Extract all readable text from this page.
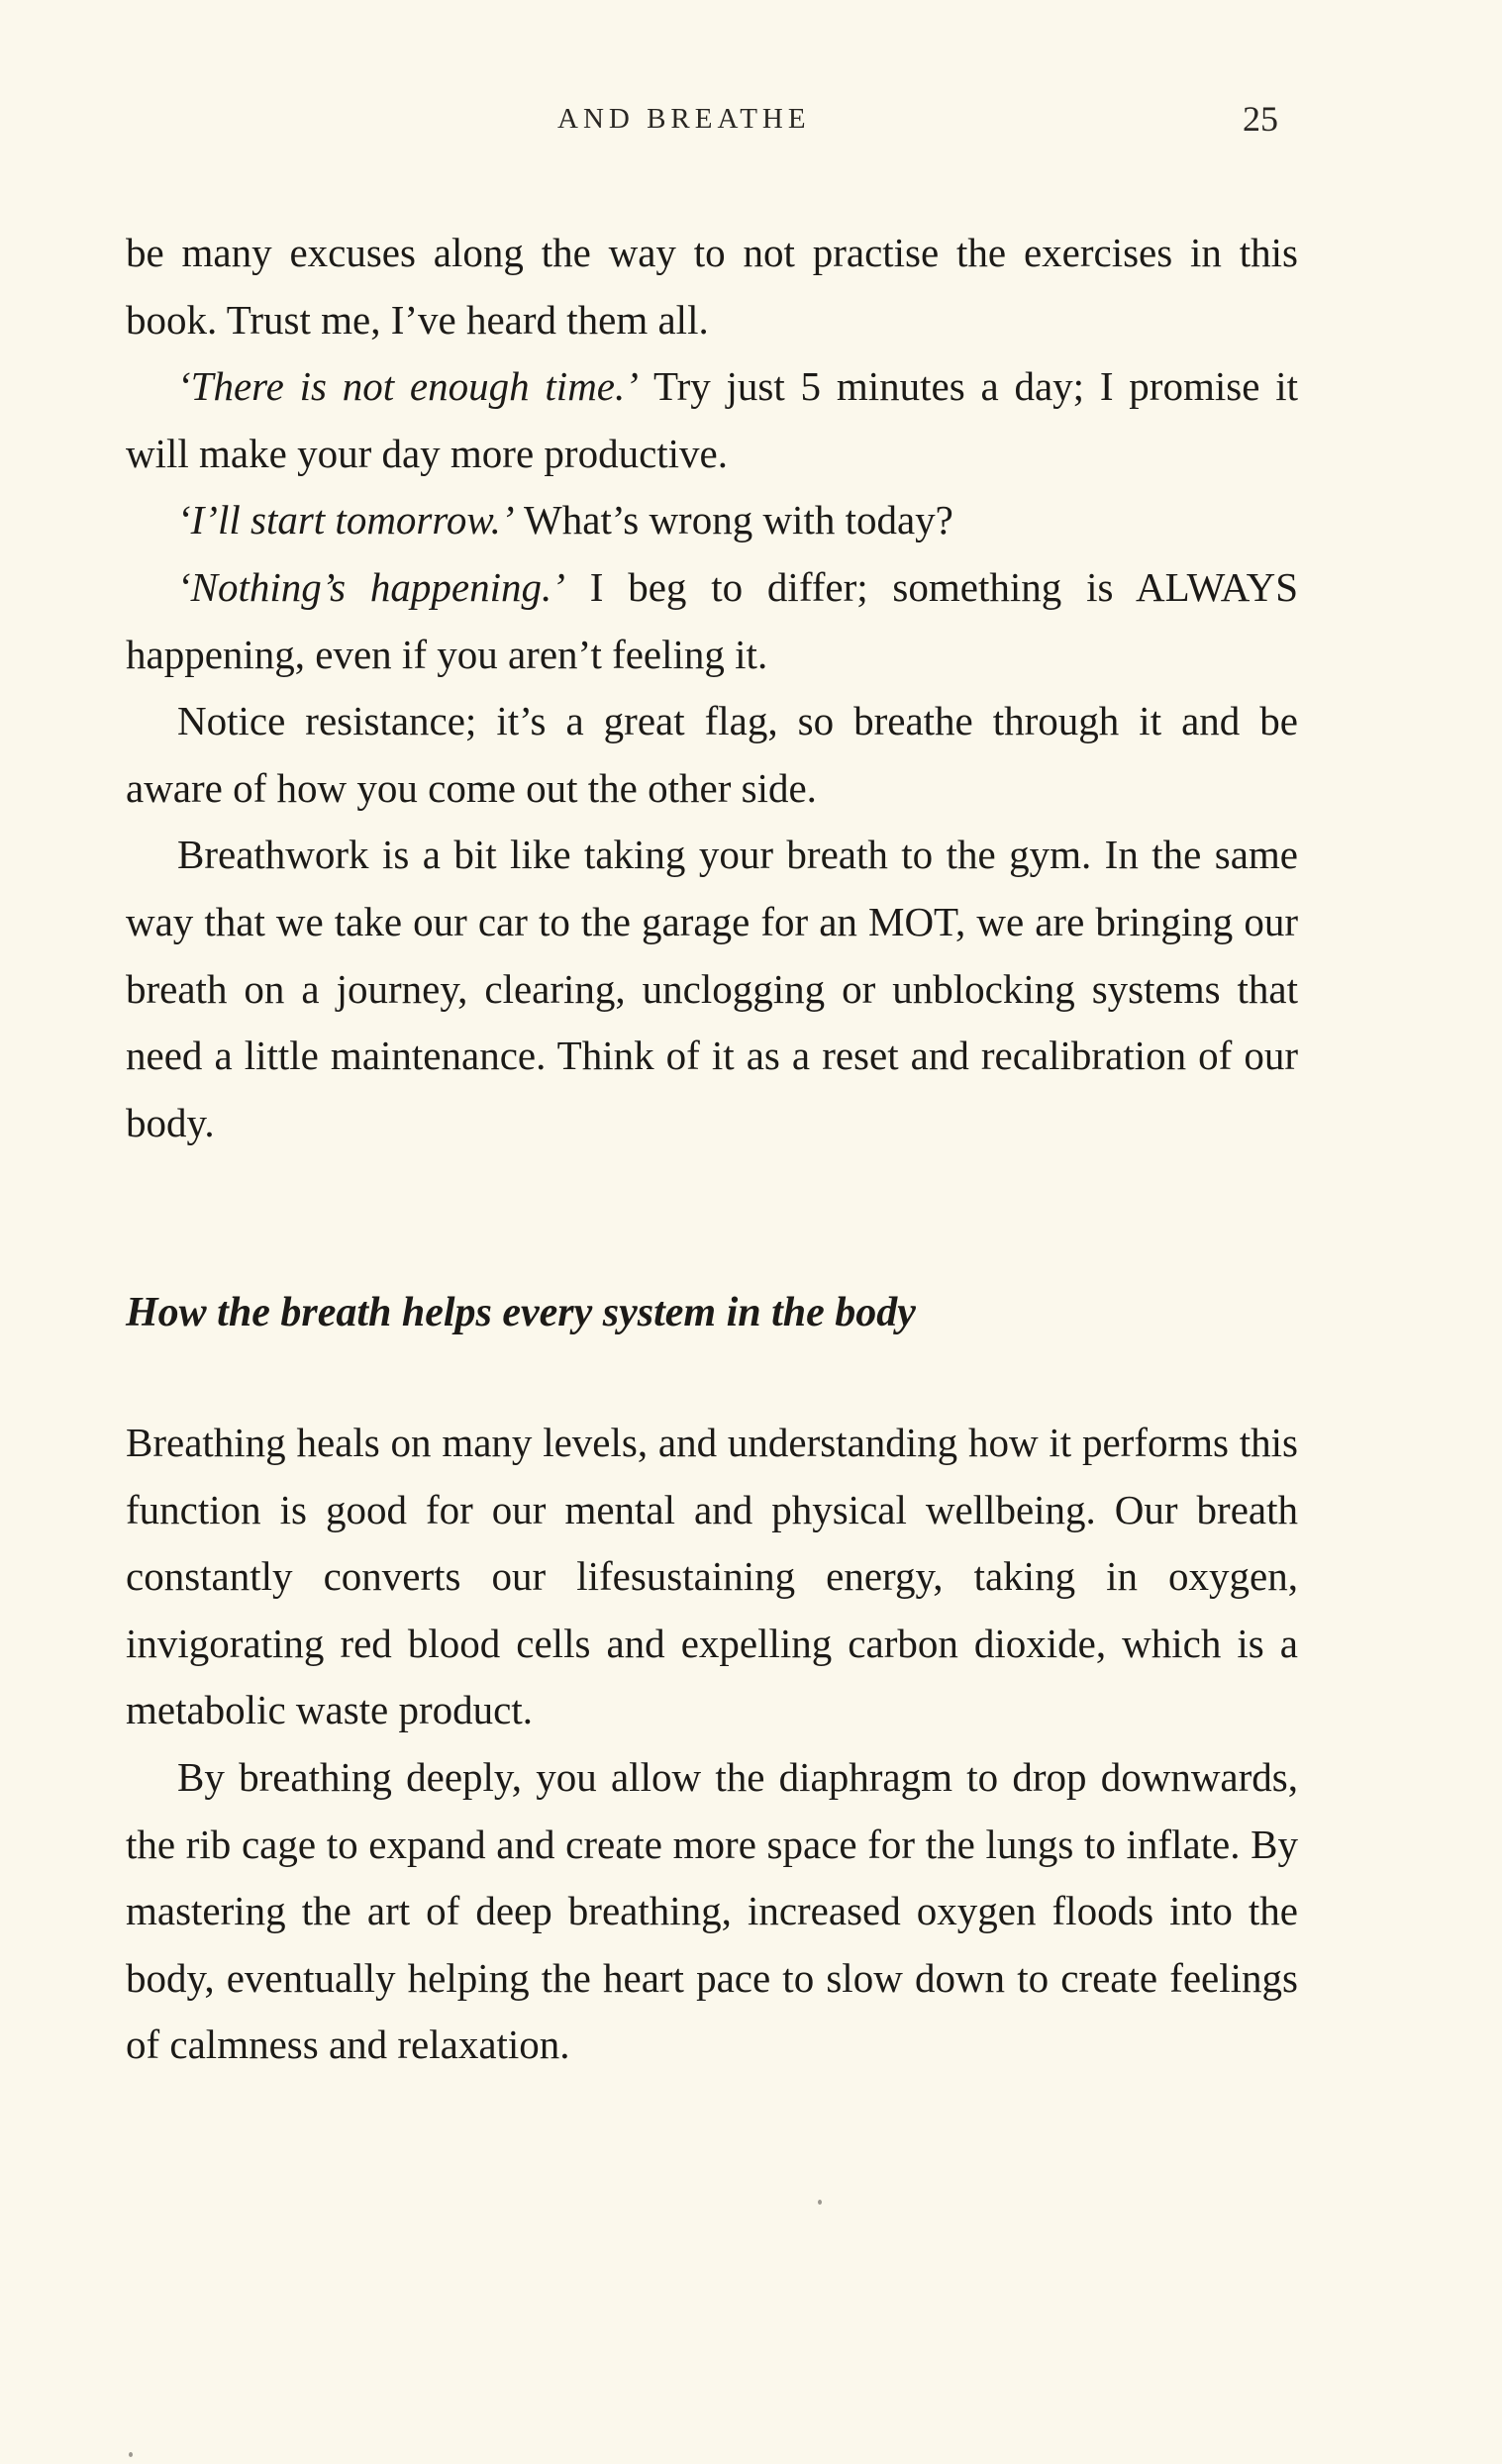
AND BREATHE	25

be many excuses along the way to not practise the exercises in this book. Trust me, I’ve heard them all.

‘There is not enough time.’ Try just 5 minutes a day; I promise it will make your day more productive.

‘I’ll start tomorrow.’ What’s wrong with today?

‘Nothing’s happening.’ I beg to differ; something is ALWAYS happening, even if you aren’t feeling it.

Notice resistance; it’s a great flag, so breathe through it and be aware of how you come out the other side.

Breathwork is a bit like taking your breath to the gym. In the same way that we take our car to the garage for an MOT, we are bringing our breath on a journey, clearing, unclogging or unblocking systems that need a little maintenance. Think of it as a reset and recalibration of our body.

How the breath helps every system in the body

Breathing heals on many levels, and understanding how it performs this function is good for our mental and physical wellbeing. Our breath constantly converts our lifesustaining energy, taking in oxygen, invigorating red blood cells and expelling carbon dioxide, which is a metabolic waste product.

By breathing deeply, you allow the diaphragm to drop downwards, the rib cage to expand and create more space for the lungs to inflate. By mastering the art of deep breathing, increased oxygen floods into the body, eventually helping the heart pace to slow down to create feelings of calmness and relaxation.
